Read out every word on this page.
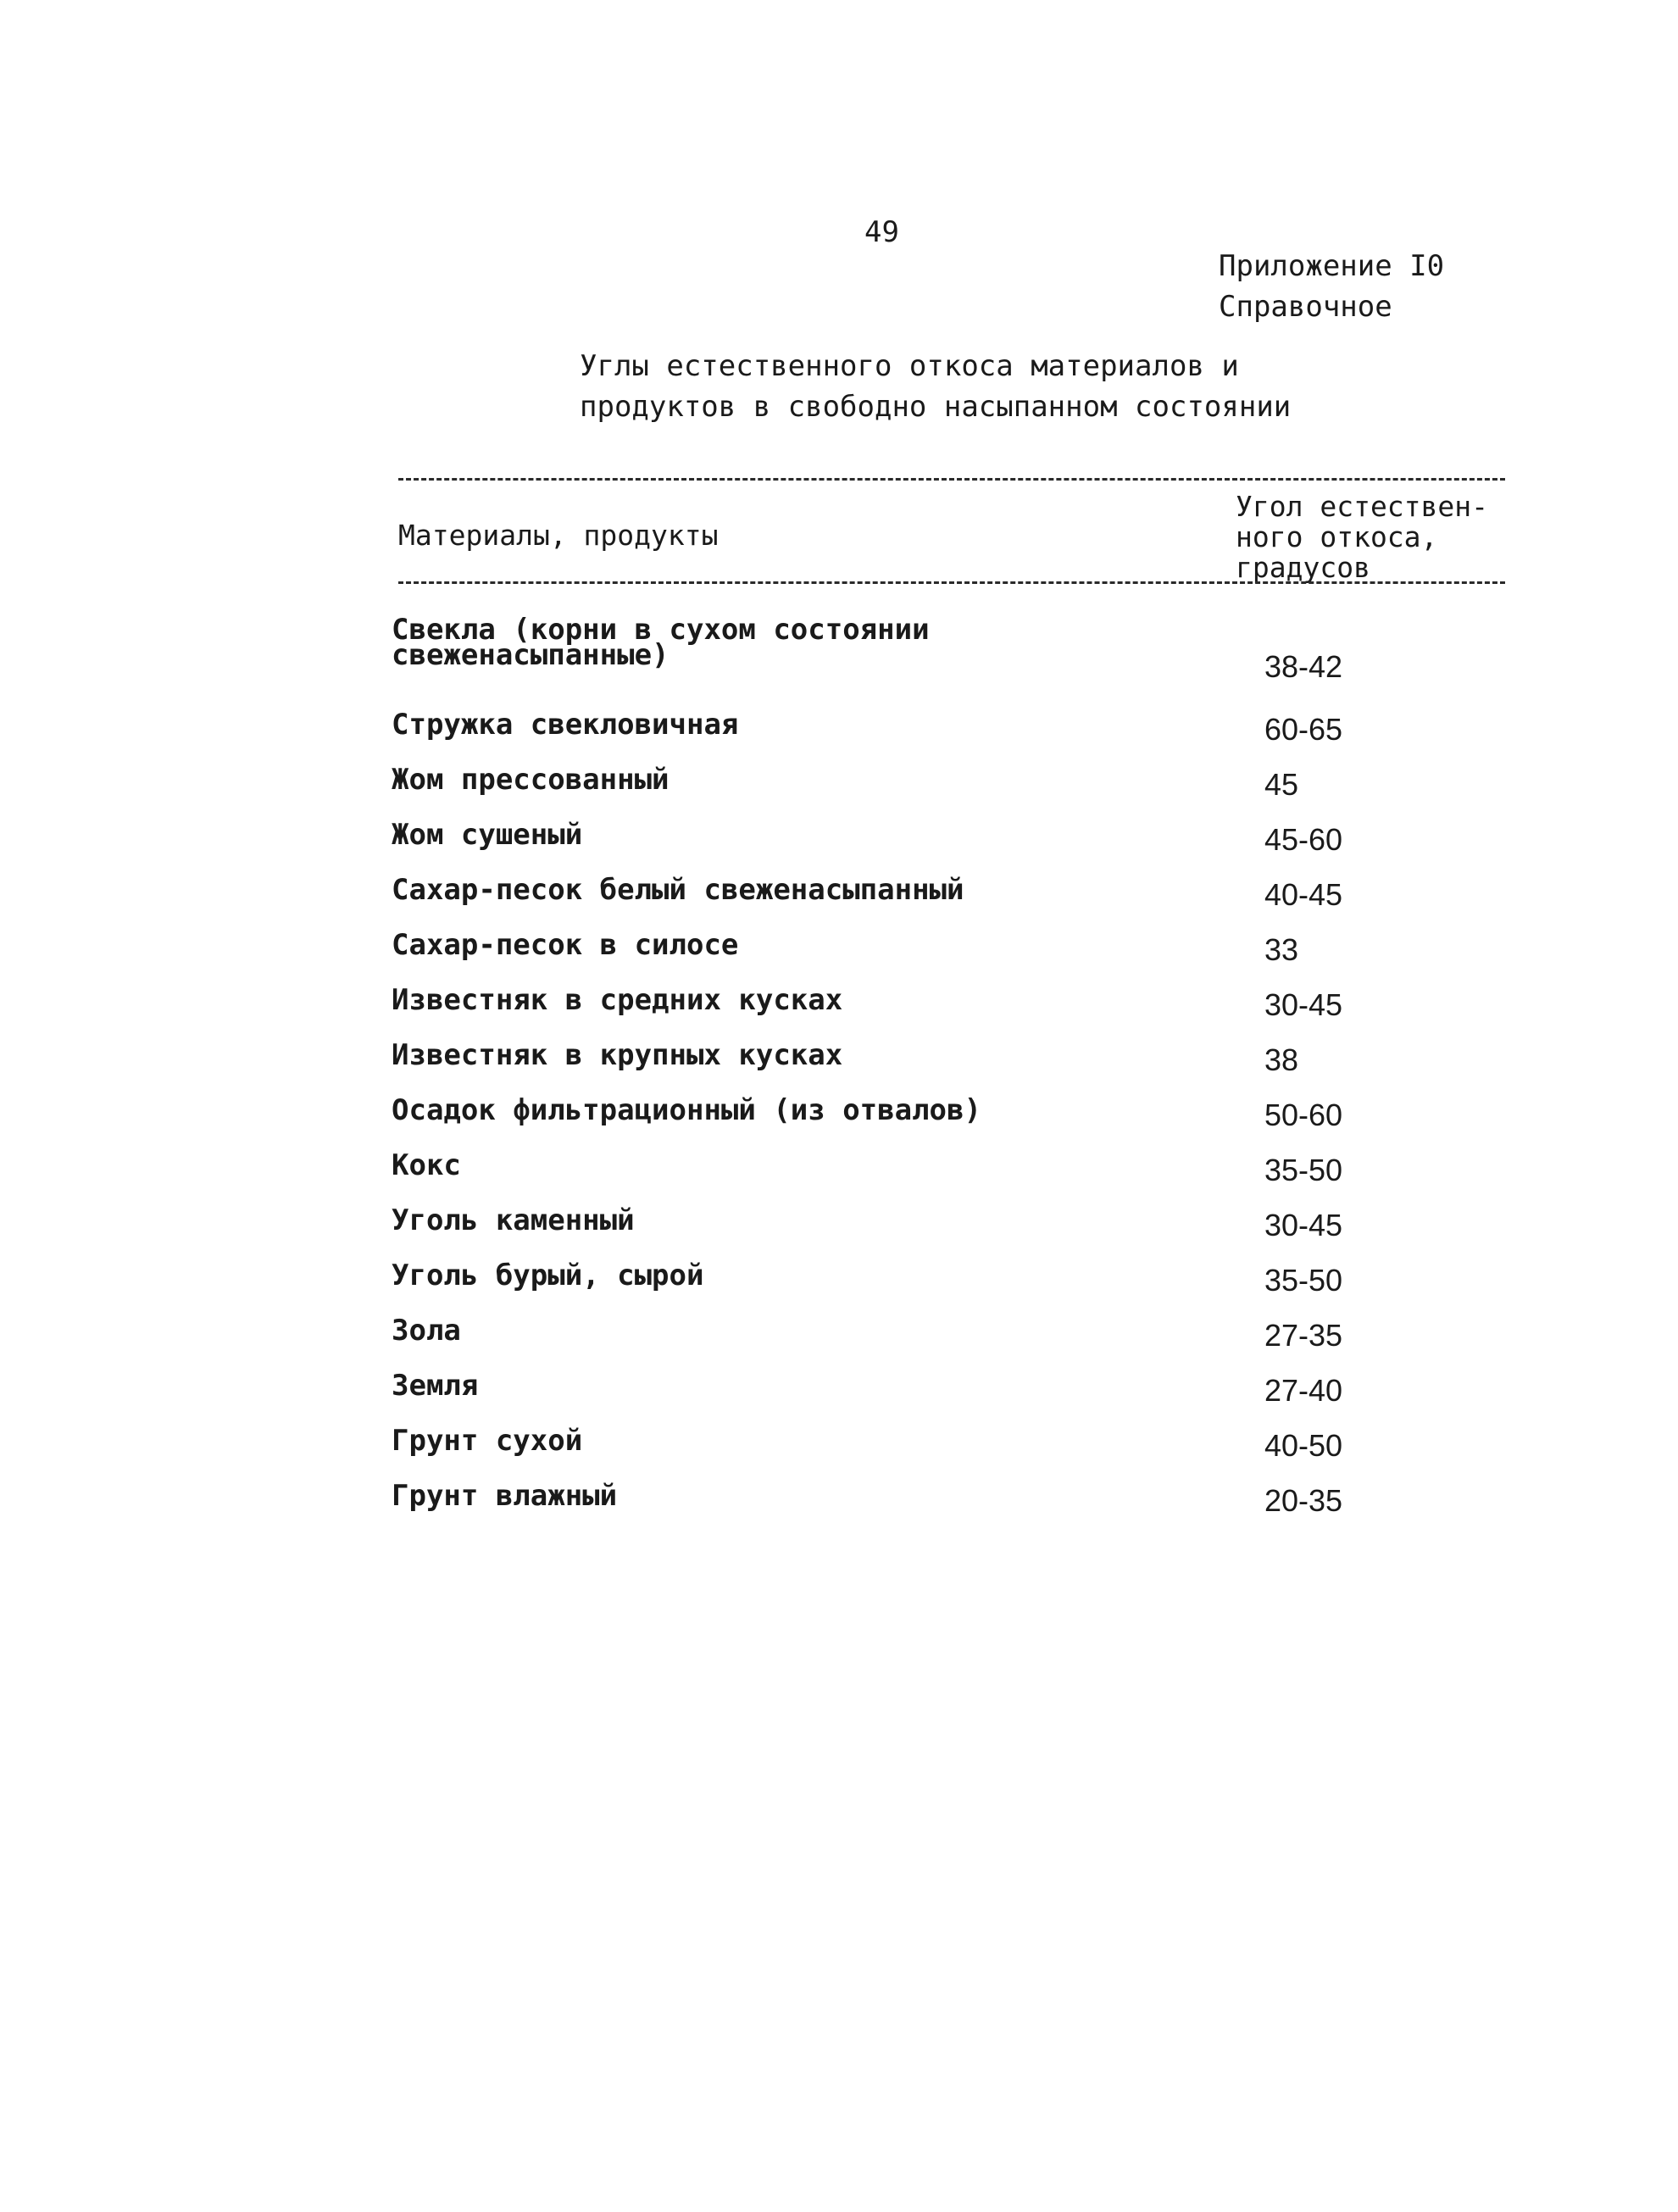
49
Приложение I0
Справочное
Углы естественного откоса материалов и
продуктов в свободно насыпанном состоянии
Материалы, продукты
Угол естествен-
ного откоса,
градусов
Свекла (корни в сухом состоянии
свеженасыпанные)	38-42
Стружка свекловичная	60-65
Жом прессованный	45
Жом сушеный	45-60
Сахар-песок белый свеженасыпанный	40-45
Сахар-песок в силосе	33
Известняк в средних кусках	30-45
Известняк в крупных кусках	38
Осадок фильтрационный (из отвалов)	50-60
Кокс	35-50
Уголь каменный	30-45
Уголь бурый, сырой	35-50
Зола	27-35
Земля	27-40
Грунт сухой	40-50
Грунт влажный	20-35
